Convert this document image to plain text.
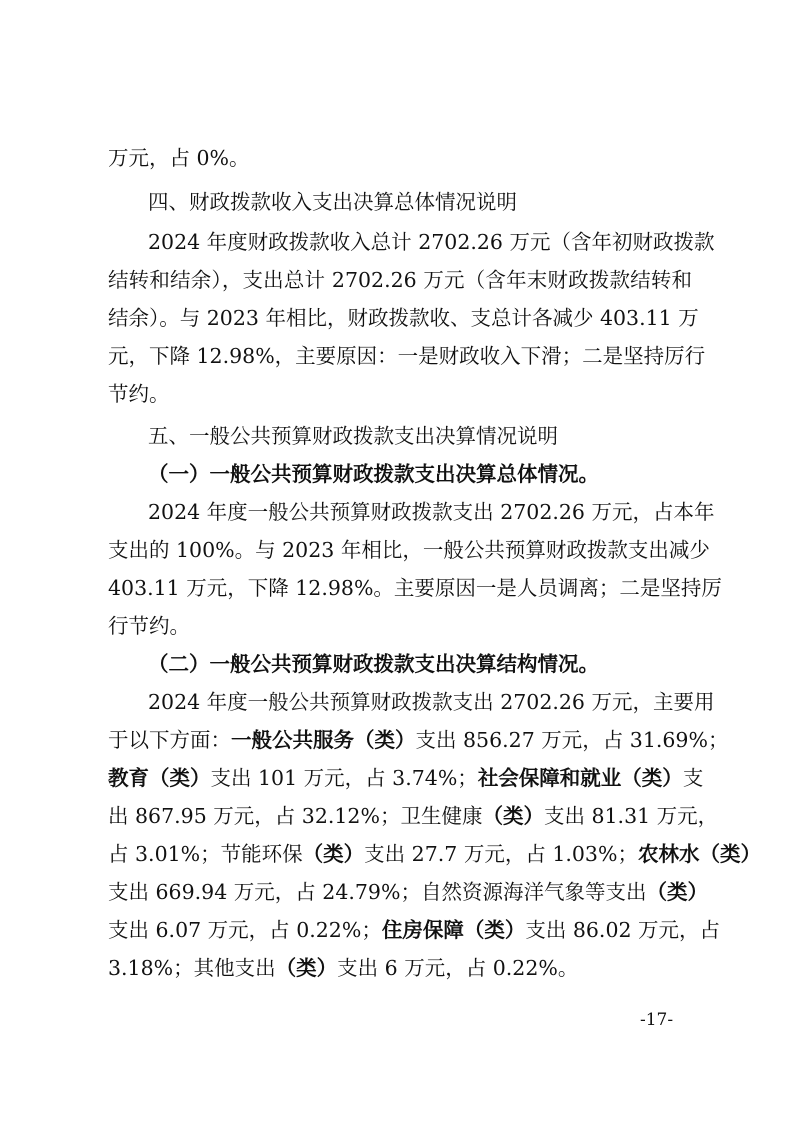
万元，占 0%。
四、财政拨款收入支出决算总体情况说明
2024 年度财政拨款收入总计 2702.26 万元（含年初财政拨款
结转和结余），支出总计 2702.26 万元（含年末财政拨款结转和
结余）。与 2023 年相比，财政拨款收、支总计各减少 403.11 万
元，下降 12.98%，主要原因：一是财政收入下滑；二是坚持厉行
节约。
五、一般公共预算财政拨款支出决算情况说明
（一）一般公共预算财政拨款支出决算总体情况。
2024 年度一般公共预算财政拨款支出 2702.26 万元，占本年
支出的 100%。与 2023 年相比，一般公共预算财政拨款支出减少
403.11 万元，下降 12.98%。主要原因一是人员调离；二是坚持厉
行节约。
（二）一般公共预算财政拨款支出决算结构情况。
2024 年度一般公共预算财政拨款支出 2702.26 万元，主要用
于以下方面：一般公共服务（类）支出 856.27 万元，占 31.69%；
教育（类）支出 101 万元，占 3.74%；社会保障和就业（类）支
出 867.95 万元，占 32.12%；卫生健康（类）支出 81.31 万元，
占 3.01%；节能环保（类）支出 27.7 万元，占 1.03%；农林水（类）
支出 669.94 万元，占 24.79%；自然资源海洋气象等支出（类）
支出 6.07 万元，占 0.22%；住房保障（类）支出 86.02 万元，占
3.18%；其他支出（类）支出 6 万元，占 0.22%。
-17-
